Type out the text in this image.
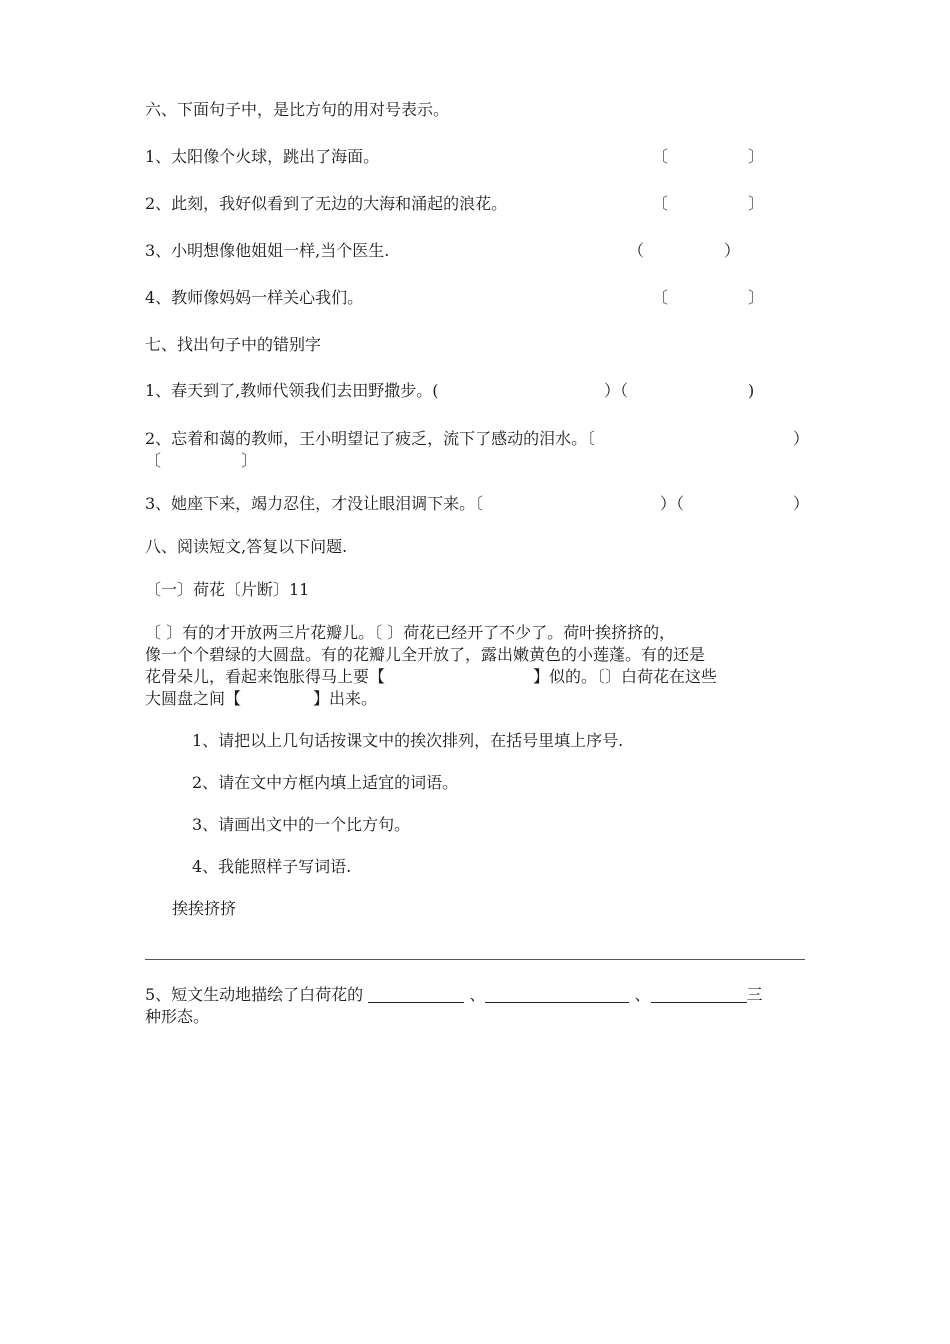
六、下面句子中，是比方句的用对号表示。
1、太阳像个火球，跳出了海面。	〔　　　　　〕
2、此刻，我好似看到了无边的大海和涌起的浪花。	〔　　　　　〕
3、小明想像他姐姐一样,当个医生.	（　　　　　）
4、教师像妈妈一样关心我们。	〔　　　　　〕
七、找出句子中的错别字
1、春天到了,教师代领我们去田野撒步。(	）（	)
2、忘着和蔼的教师，王小明望记了疲乏，流下了感动的泪水。〔	）
〔　　　　　〕
3、她座下来，竭力忍住，才没让眼泪调下来。〔	）（	）
八、阅读短文,答复以下问题.
〔一〕荷花〔片断〕11
〔 〕有的才开放两三片花瓣儿。〔 〕荷花已经开了不少了。荷叶挨挤挤的，
像一个个碧绿的大圆盘。有的花瓣儿全开放了，露出嫩黄色的小莲蓬。有的还是
花骨朵儿，看起来饱胀得马上要【	】似的。〔〕白荷花在这些
大圆盘之间【	】出来。
1、请把以上几句话按课文中的挨次排列，在括号里填上序号.
2、请在文中方框内填上适宜的词语。
3、请画出文中的一个比方句。
4、我能照样子写词语.
挨挨挤挤
5、短文生动地描绘了白荷花的	、	、	三
种形态。
